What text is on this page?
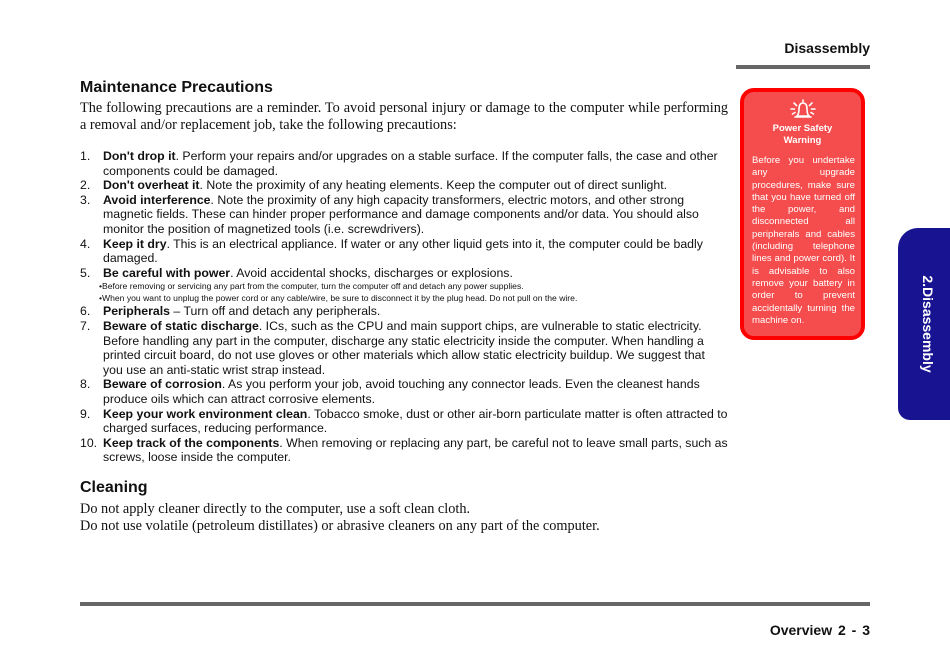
Disassembly
Maintenance Precautions

The following precautions are a reminder. To avoid personal injury or damage to the computer while performing a removal and/or replacement job, take the following precautions:

1. Don't drop it. Perform your repairs and/or upgrades on a stable surface. If the computer falls, the case and other components could be damaged.
2. Don't overheat it. Note the proximity of any heating elements. Keep the computer out of direct sunlight.
3. Avoid interference. Note the proximity of any high capacity transformers, electric motors, and other strong magnetic fields. These can hinder proper performance and damage components and/or data. You should also monitor the position of magnetized tools (i.e. screwdrivers).
4. Keep it dry. This is an electrical appliance. If water or any other liquid gets into it, the computer could be badly damaged.
5. Be careful with power. Avoid accidental shocks, discharges or explosions.
•Before removing or servicing any part from the computer, turn the computer off and detach any power supplies.
•When you want to unplug the power cord or any cable/wire, be sure to disconnect it by the plug head. Do not pull on the wire.
6. Peripherals – Turn off and detach any peripherals.
7. Beware of static discharge. ICs, such as the CPU and main support chips, are vulnerable to static electricity. Before handling any part in the computer, discharge any static electricity inside the computer. When handling a printed circuit board, do not use gloves or other materials which allow static electricity buildup. We suggest that you use an anti-static wrist strap instead.
8. Beware of corrosion. As you perform your job, avoid touching any connector leads. Even the cleanest hands produce oils which can attract corrosive elements.
9. Keep your work environment clean. Tobacco smoke, dust or other air-born particulate matter is often attracted to charged surfaces, reducing performance.
10. Keep track of the components. When removing or replacing any part, be careful not to leave small parts, such as screws, loose inside the computer.
Cleaning

Do not apply cleaner directly to the computer, use a soft clean cloth.

Do not use volatile (petroleum distillates) or abrasive cleaners on any part of the computer.

Power Safety
Warning
Before you undertake any upgrade procedures, make sure that you have turned off the power, and disconnected all peripherals and cables (including telephone lines and power cord). It is advisable to also remove your battery in order to prevent accidentally turning the machine on.	2.Disassembly
Overview 2 - 3
